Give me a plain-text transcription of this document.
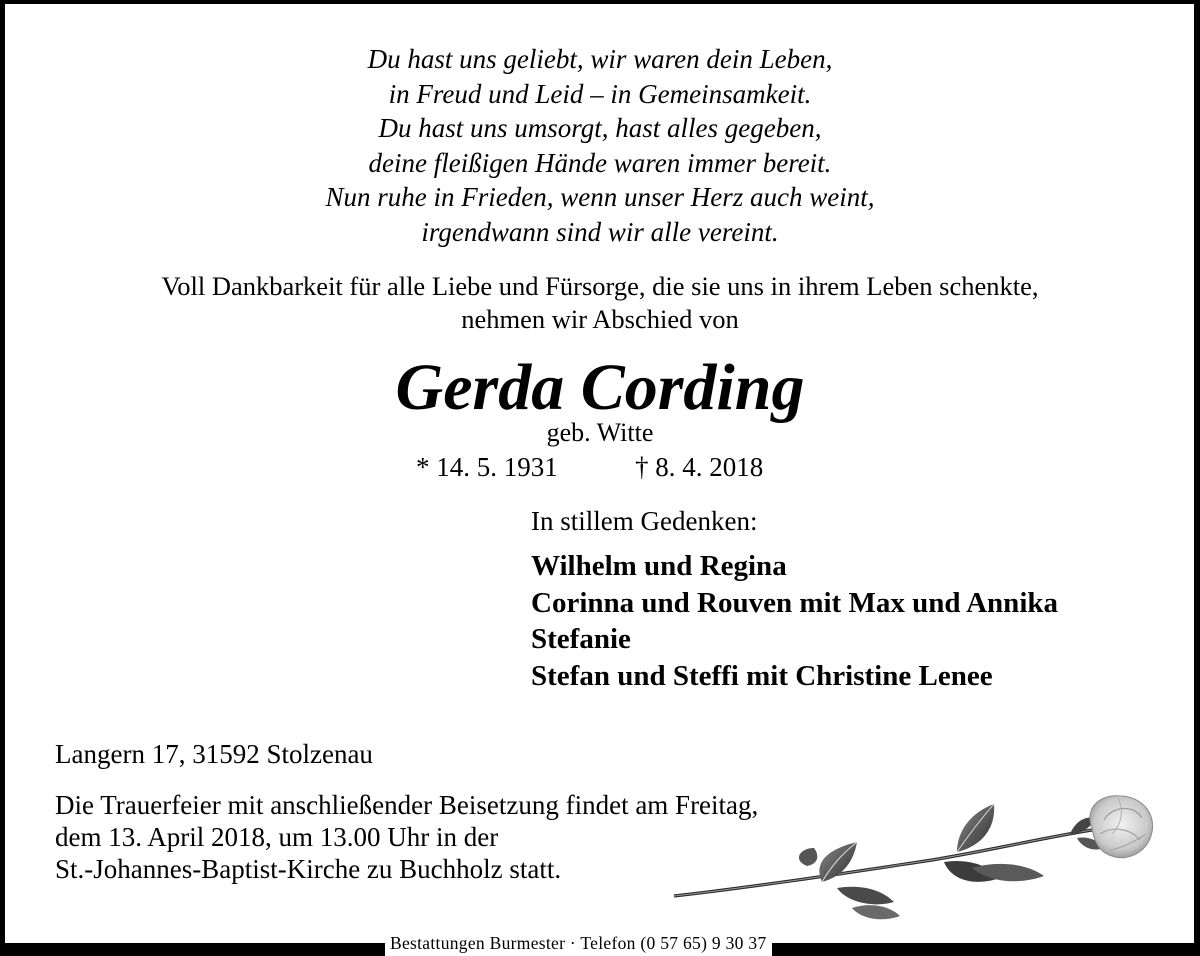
Du hast uns geliebt, wir waren dein Leben,
in Freud und Leid – in Gemeinsamkeit.
Du hast uns umsorgt, hast alles gegeben,
deine fleißigen Hände waren immer bereit.
Nun ruhe in Frieden, wenn unser Herz auch weint,
irgendwann sind wir alle vereint.
Voll Dankbarkeit für alle Liebe und Fürsorge, die sie uns in ihrem Leben schenkte,
nehmen wir Abschied von
Gerda Cording
geb. Witte
* 14. 5. 1931	† 8. 4. 2018
In stillem Gedenken:
Wilhelm und Regina
Corinna und Rouven mit Max und Annika
Stefanie
Stefan und Steffi mit Christine Lenee
Langern 17, 31592 Stolzenau
Die Trauerfeier mit anschließender Beisetzung findet am Freitag,
dem 13. April 2018, um 13.00 Uhr in der
St.-Johannes-Baptist-Kirche zu Buchholz statt.
Bestattungen Burmester · Telefon (0 57 65) 9 30 37
